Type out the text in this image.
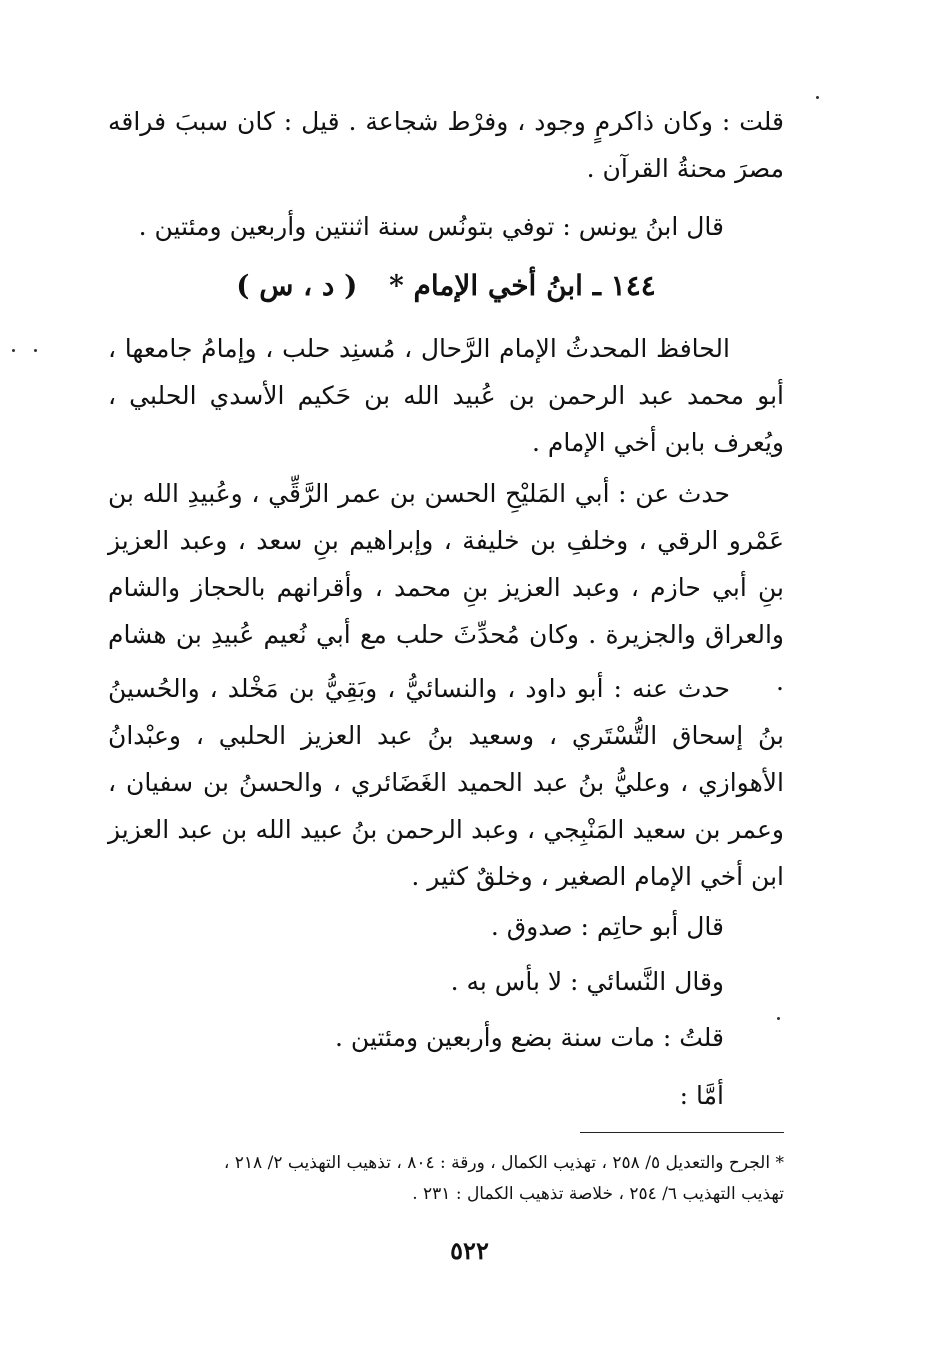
قلت : وكان ذاكرمٍ وجود ، وفرْط شجاعة . قيل : كان سببَ فراقه مصرَ محنةُ القرآن .

قال ابنُ يونس : توفي بتونُس سنة اثنتين وأربعين ومئتين .
١٤٤ ـ ابنُ أخي الإمام * ( د ، س )

الحافظ المحدثُ الإمام الرَّحال ، مُسنِد حلب ، وإمامُ جامعها ، أبو محمد عبد الرحمن بن عُبيد الله بن حَكيم الأسدي الحلبي ، ويُعرف بابن أخي الإمام .

حدث عن : أبي المَليْحِ الحسن بن عمر الرَّقِّي ، وعُبيدِ الله بن عَمْرو الرقي ، وخلفِ بن خليفة ، وإبراهيم بنِ سعد ، وعبد العزيز بنِ أبي حازم ، وعبد العزيز بنِ محمد ، وأقرانهم بالحجاز والشام والعراق والجزيرة . وكان مُحدِّثَ حلب مع أبي نُعيم عُبيدِ بن هشام .

حدث عنه : أبو داود ، والنسائيُّ ، وبَقِيُّ بن مَخْلد ، والحُسينُ بنُ إسحاق التُّسْتَري ، وسعيد بنُ عبد العزيز الحلبي ، وعبْدانُ الأهوازي ، وعليُّ بنُ عبد الحميد الغَضَائري ، والحسنُ بن سفيان ، وعمر بن سعيد المَنْبِجي ، وعبد الرحمن بنُ عبيد الله بن عبد العزيز ابن أخي الإمام الصغير ، وخلقٌ كثير .

قال أبو حاتِم : صدوق .
وقال النَّسائي : لا بأس به .
قلتُ : مات سنة بضع وأربعين ومئتين .
أمَّا :

* الجرح والتعديل ٥/ ٢٥٨ ، تهذيب الكمال ، ورقة : ٨٠٤ ، تذهيب التهذيب ٢/ ٢١٨ ،

تهذيب التهذيب ٦/ ٢٥٤ ، خلاصة تذهيب الكمال : ٢٣١ .

٥٢٢
